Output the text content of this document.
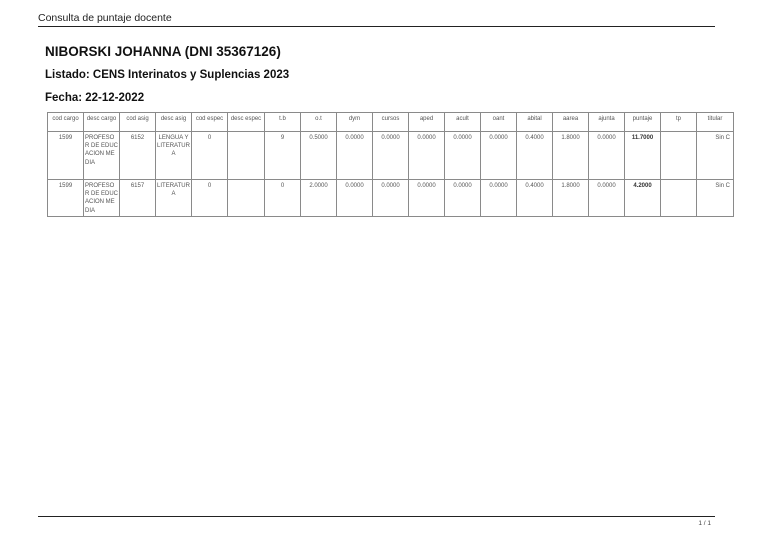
Consulta de puntaje docente
NIBORSKI JOHANNA (DNI 35367126)
Listado: CENS Interinatos y Suplencias 2023
Fecha: 22-12-2022
cod cargo	desc cargo	cod asig	desc asig	cod espec	desc espec	t.b	o.t	dym	cursos	aped	acult	oant	abital	aarea	ajunta	puntaje	tp	titular
1599	PROFESOR DE EDUCACION MEDIA	6152	LENGUA Y LITERATURA	0		9	0.5000	0.0000	0.0000	0.0000	0.0000	0.0000	0.4000	1.8000	0.0000	11.7000		Sin C
1599	PROFESOR DE EDUCACION MEDIA	6157	LITERATURA	0		0	2.0000	0.0000	0.0000	0.0000	0.0000	0.0000	0.4000	1.8000	0.0000	4.2000		Sin C
1 / 1
